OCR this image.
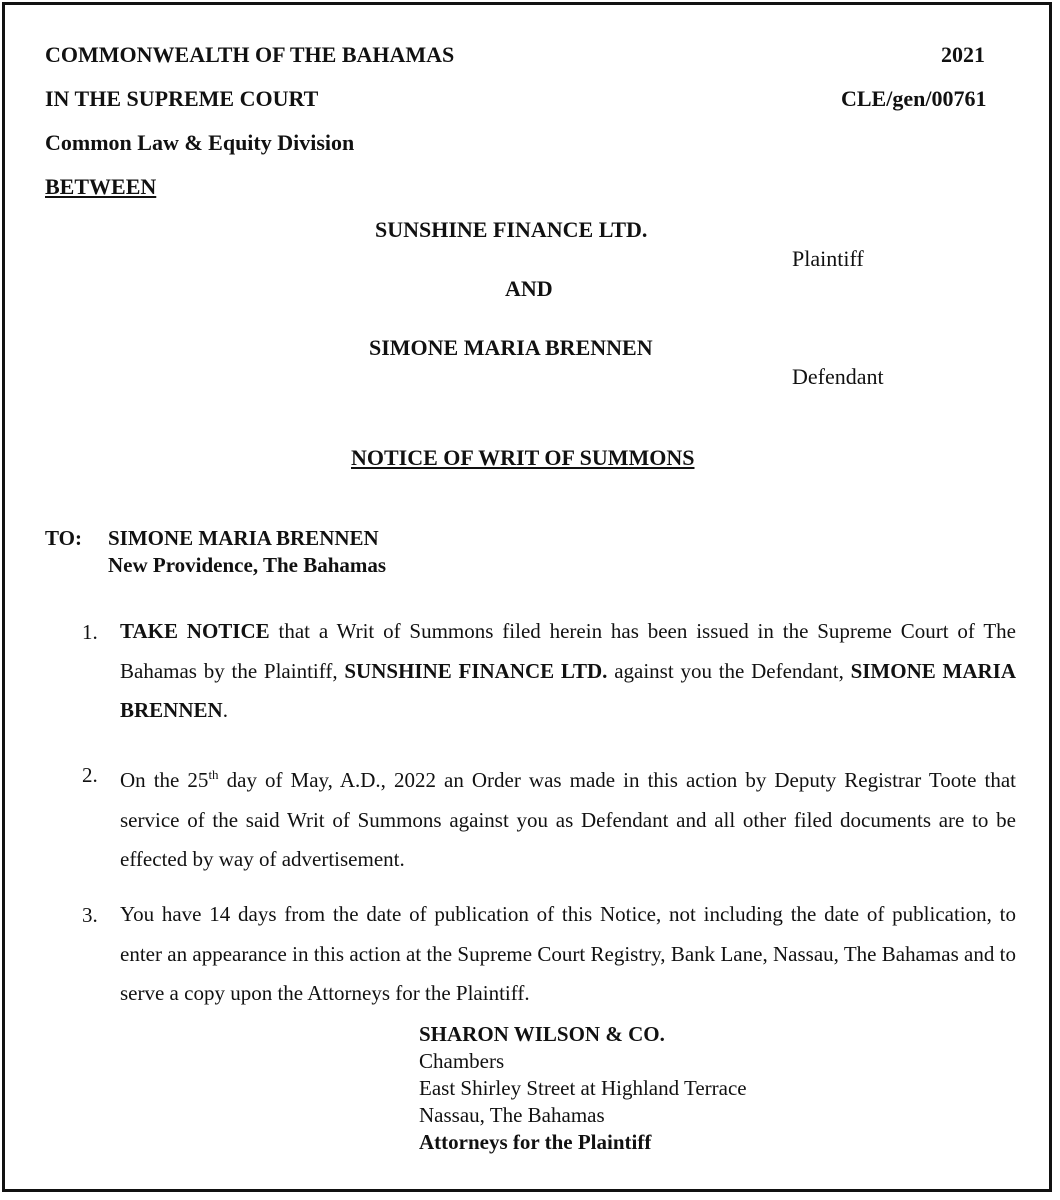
COMMONWEALTH OF THE BAHAMAS	2021
IN THE SUPREME COURT	CLE/gen/00761
Common Law & Equity Division
BETWEEN
SUNSHINE FINANCE LTD.
Plaintiff
AND
SIMONE MARIA BRENNEN
Defendant
NOTICE OF WRIT OF SUMMONS
TO: SIMONE MARIA BRENNEN
New Providence, The Bahamas
1. TAKE NOTICE that a Writ of Summons filed herein has been issued in the Supreme Court of The Bahamas by the Plaintiff, SUNSHINE FINANCE LTD. against you the Defendant, SIMONE MARIA BRENNEN.
2. On the 25th day of May, A.D., 2022 an Order was made in this action by Deputy Registrar Toote that service of the said Writ of Summons against you as Defendant and all other filed documents are to be effected by way of advertisement.
3. You have 14 days from the date of publication of this Notice, not including the date of publication, to enter an appearance in this action at the Supreme Court Registry, Bank Lane, Nassau, The Bahamas and to serve a copy upon the Attorneys for the Plaintiff.
SHARON WILSON & CO.
Chambers
East Shirley Street at Highland Terrace
Nassau, The Bahamas
Attorneys for the Plaintiff
